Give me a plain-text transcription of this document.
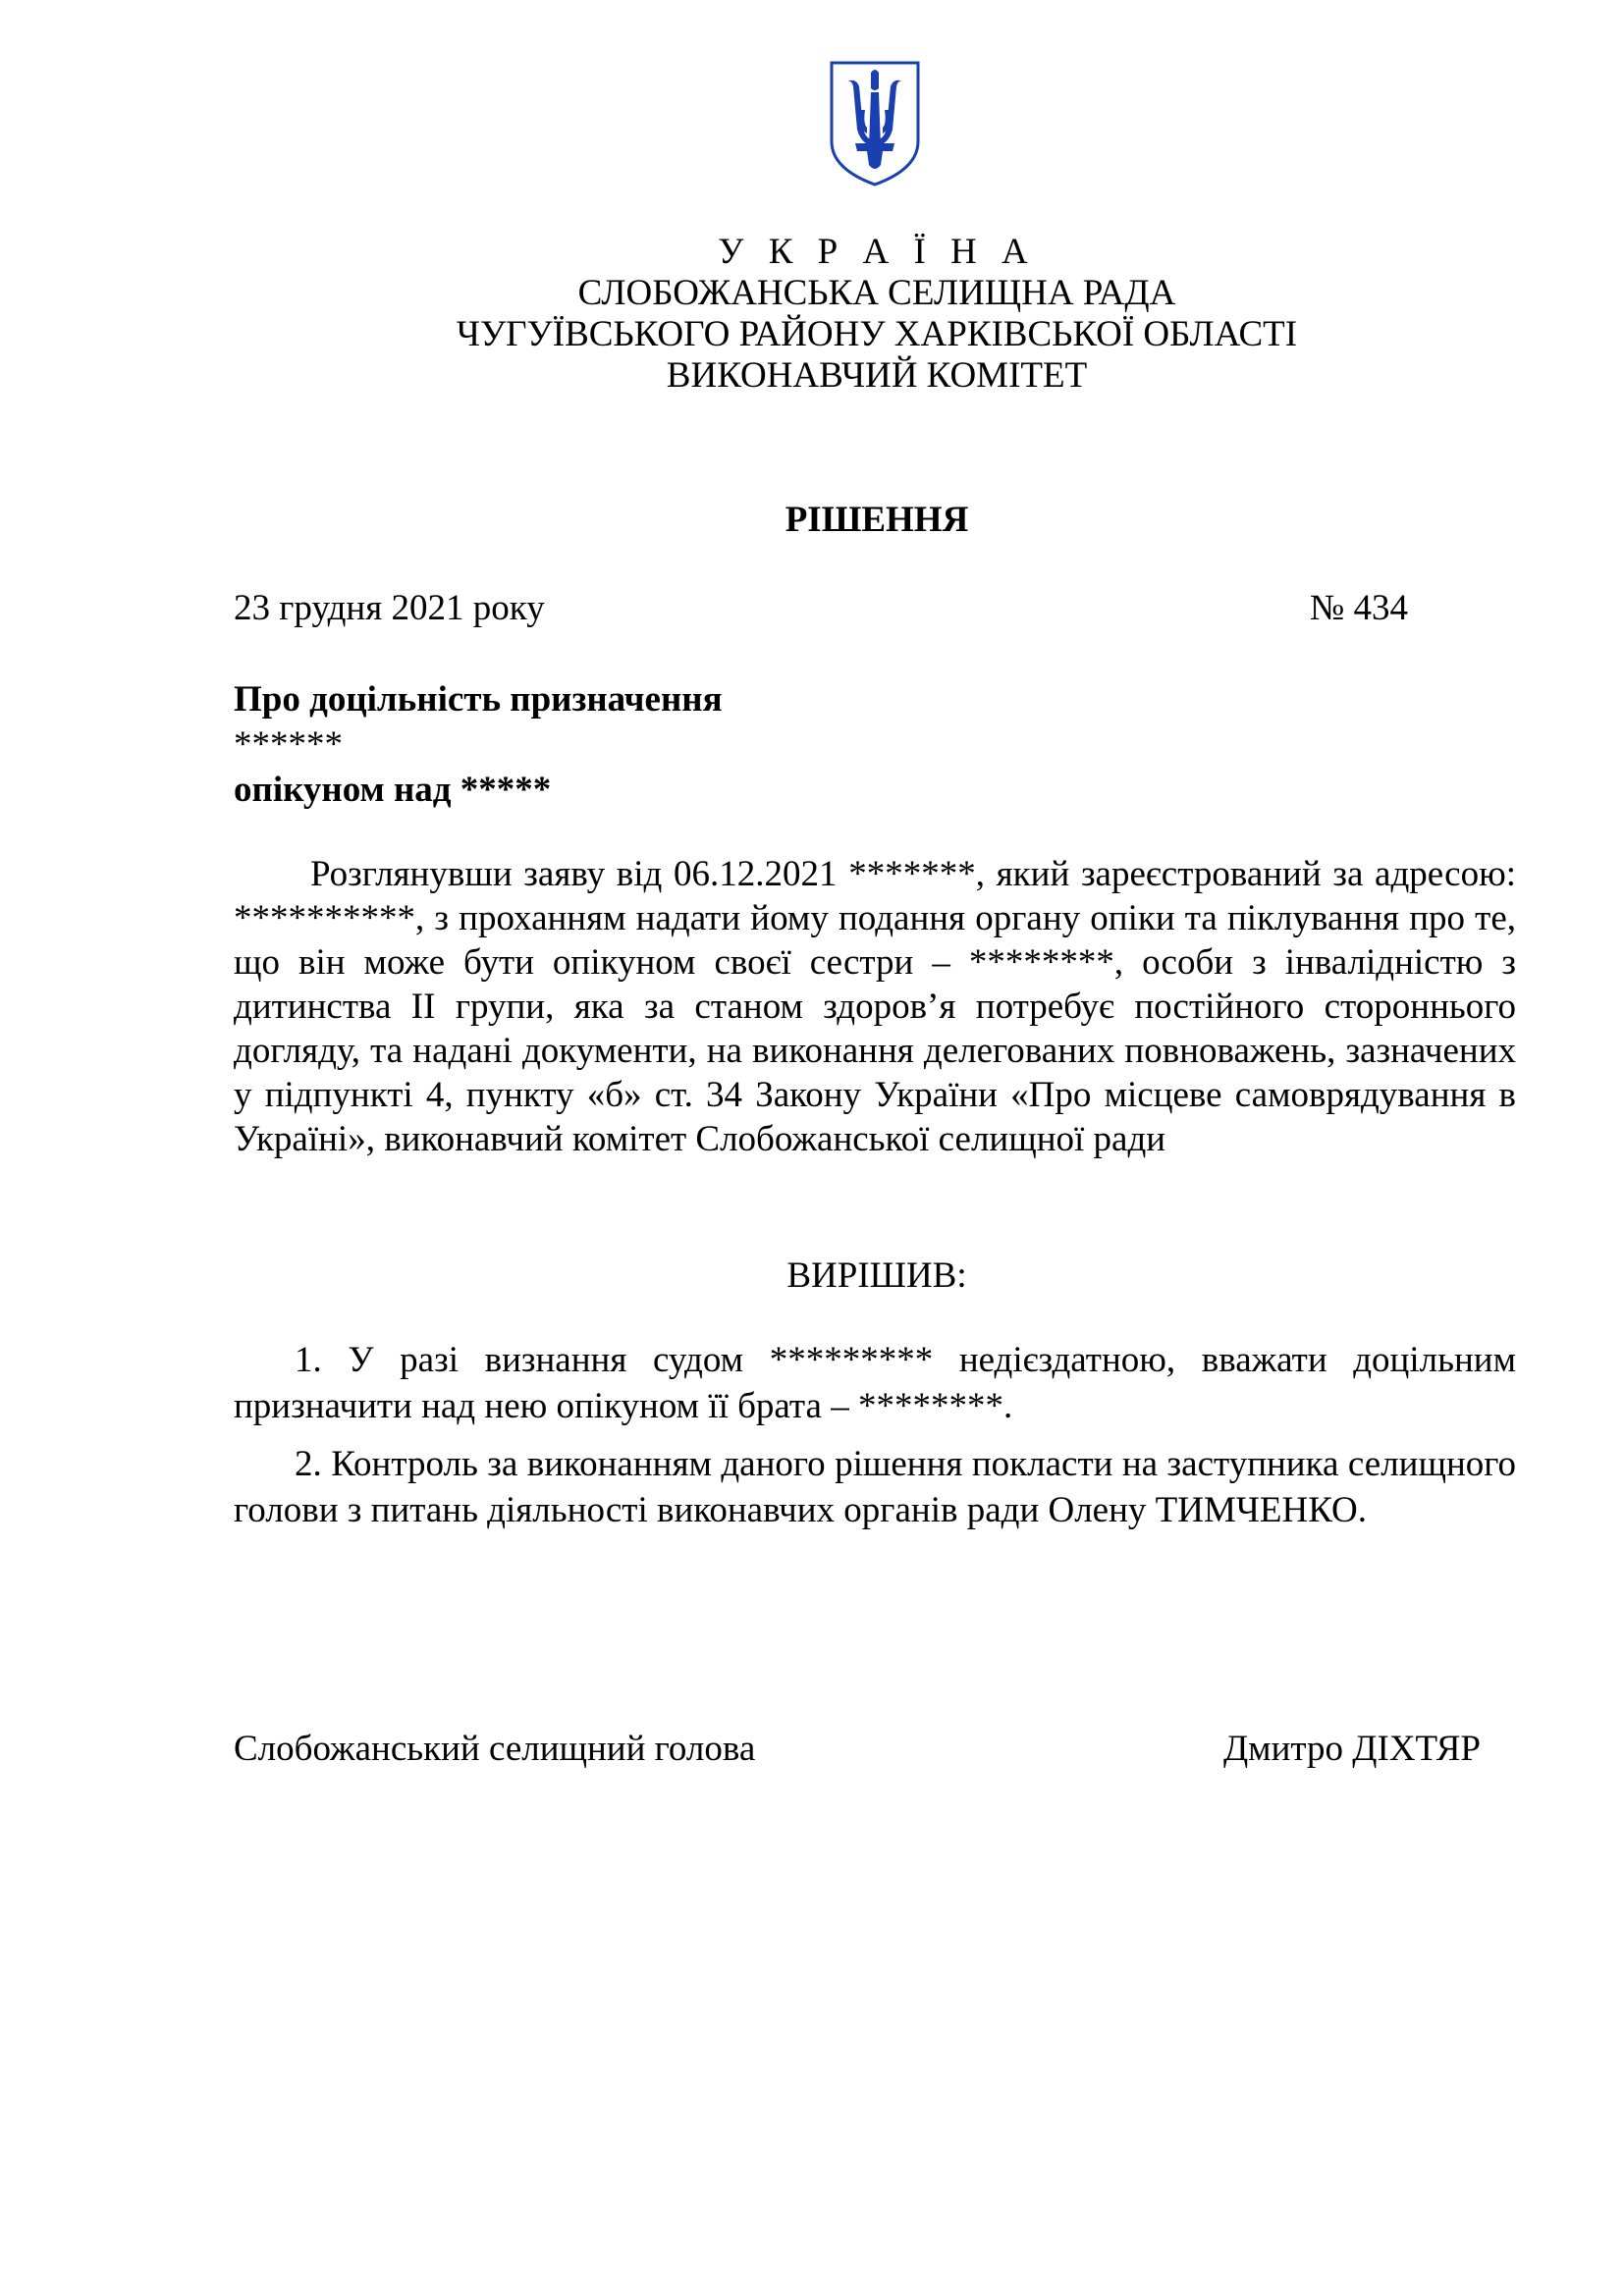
У К Р А Ї Н А
СЛОБОЖАНСЬКА СЕЛИЩНА РАДА
ЧУГУЇВСЬКОГО РАЙОНУ ХАРКІВСЬКОЇ ОБЛАСТІ
ВИКОНАВЧИЙ КОМІТЕТ
РІШЕННЯ
23 грудня 2021 року	№ 434
Про доцільність призначення
******
опікуном над *****
Розглянувши заяву від 06.12.2021 *******, який зареєстрований за адресою: **********, з проханням надати йому подання органу опіки та піклування про те, що він може бути опікуном своєї сестри – ********, особи з інвалідністю з дитинства ІІ групи, яка за станом здоров’я потребує постійного стороннього догляду, та надані документи, на виконання делегованих повноважень, зазначених у підпункті 4, пункту «б» ст. 34 Закону України «Про місцеве самоврядування в Україні», виконавчий комітет Слобожанської селищної ради
ВИРІШИВ:
1. У разі визнання судом ********* недієздатною, вважати доцільним призначити над нею опікуном її брата – ********.
2. Контроль за виконанням даного рішення покласти на заступника селищного голови з питань діяльності виконавчих органів ради Олену ТИМЧЕНКО.
Слобожанський селищний голова	Дмитро ДІХТЯР
